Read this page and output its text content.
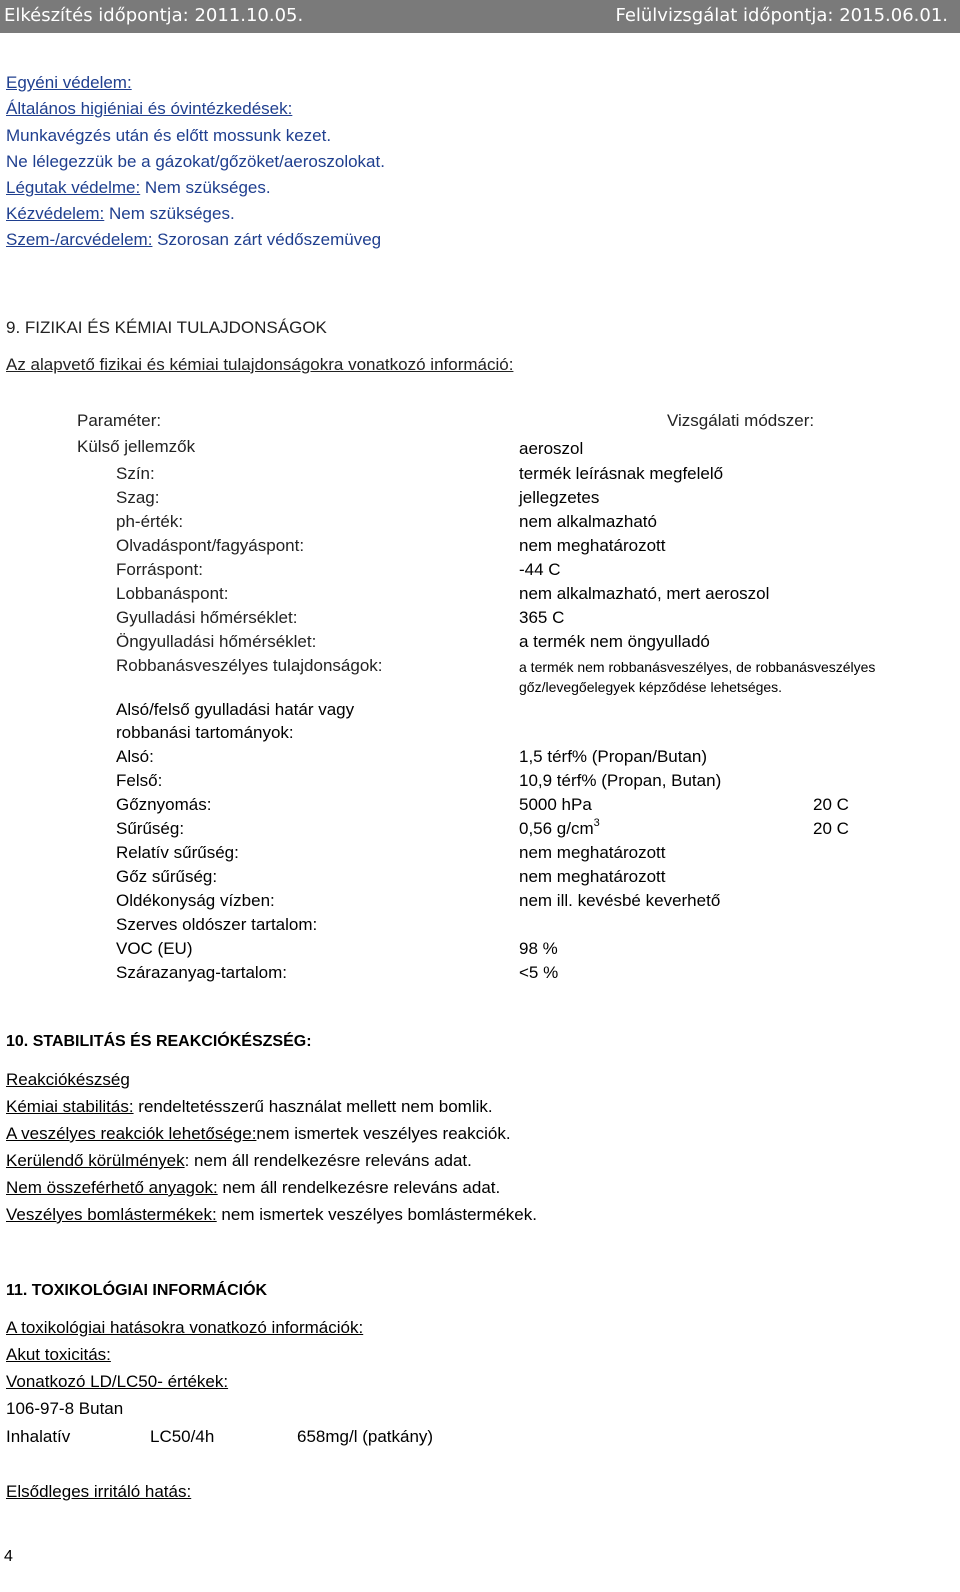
Elkészítés időpontja: 2011.10.05.	Felülvizsgálat időpontja: 2015.06.01.
Egyéni védelem:
Általános higiéniai és óvintézkedések:
Munkavégzés után és előtt mossunk kezet.
Ne lélegezzük be a gázokat/gőzöket/aeroszolokat.
Légutak védelme: Nem szükséges.
Kézvédelem: Nem szükséges.
Szem-/arcvédelem: Szorosan zárt védőszemüveg
9. FIZIKAI ÉS KÉMIAI TULAJDONSÁGOK
Az alapvető fizikai és kémiai tulajdonságokra vonatkozó információ:
Paraméter:	Vizsgálati módszer:
Külső jellemzők	aeroszol
Szín:	termék leírásnak megfelelő
Szag:	jellegzetes
ph-érték:	nem alkalmazható
Olvadáspont/fagyáspont:	nem meghatározott
Forráspont:	-44 C
Lobbanáspont:	nem alkalmazható, mert aeroszol
Gyulladási hőmérséklet:	365 C
Öngyulladási hőmérséklet:	a termék nem öngyulladó
Robbanásveszélyes tulajdonságok:	a termék nem robbanásveszélyes, de robbanásveszélyes
gőz/levegőelegyek képződése lehetséges.
Alsó/felső gyulladási határ vagy
robbanási tartományok:
Alsó:	1,5 térf% (Propan/Butan)
Felső:	10,9 térf% (Propan, Butan)
Gőznyomás:	5000 hPa	20 C
Sűrűség:	0,56 $g/cm^3$	20 C
Relatív sűrűség:	nem meghatározott
Gőz sűrűség:	nem meghatározott
Oldékonyság vízben:	nem ill. kevésbé keverhető
Szerves oldószer tartalom:
VOC (EU)	98 %
Szárazanyag-tartalom:	<5 %
10. STABILITÁS ÉS REAKCIÓKÉSZSÉG:
Reakciókészség
Kémiai stabilitás: rendeltetésszerű használat mellett nem bomlik.
A veszélyes reakciók lehetősége:nem ismertek veszélyes reakciók.
Kerülendő körülmények: nem áll rendelkezésre releváns adat.
Nem összeférhető anyagok: nem áll rendelkezésre releváns adat.
Veszélyes bomlástermékek: nem ismertek veszélyes bomlástermékek.
11. TOXIKOLÓGIAI INFORMÁCIÓK
A toxikológiai hatásokra vonatkozó információk:
Akut toxicitás:
Vonatkozó LD/LC50- értékek:
106-97-8 Butan
Inhalatív	LC50/4h	658mg/l (patkány)
Elsődleges irritáló hatás:
4
